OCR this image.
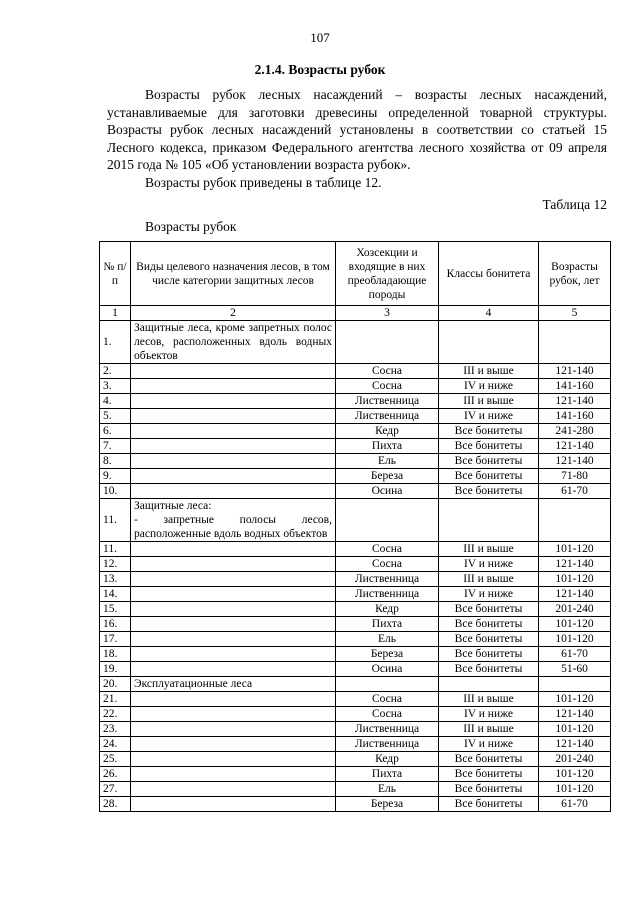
107
2.1.4. Возрасты рубок
Возрасты рубок лесных насаждений – возрасты лесных насаждений, устанавливаемые для заготовки древесины определенной товарной структуры. Возрасты рубок лесных насаждений установлены в соответствии со статьей 15 Лесного кодекса, приказом Федерального агентства лесного хозяйства от 09 апреля 2015 года № 105 «Об установлении возраста рубок».
Возрасты рубок приведены в таблице 12.
Таблица 12
Возрасты рубок
№ п/п	Виды целевого назначения лесов, в том числе категории защитных лесов	Хозсекции и входящие в них преобладающие породы	Классы бонитета	Возрасты рубок, лет
1	2	3	4	5
1.	Защитные леса, кроме запретных полос лесов, расположенных вдоль водных объектов			
2.		Сосна	III и выше	121-140
3.		Сосна	IV и ниже	141-160
4.		Лиственница	III и выше	121-140
5.		Лиственница	IV и ниже	141-160
6.		Кедр	Все бонитеты	241-280
7.		Пихта	Все бонитеты	121-140
8.		Ель	Все бонитеты	121-140
9.		Береза	Все бонитеты	71-80
10.		Осина	Все бонитеты	61-70
11.	Защитные леса:
- запретные полосы лесов, расположенные вдоль водных объектов			
11.		Сосна	III и выше	101-120
12.		Сосна	IV и ниже	121-140
13.		Лиственница	III и выше	101-120
14.		Лиственница	IV и ниже	121-140
15.		Кедр	Все бонитеты	201-240
16.		Пихта	Все бонитеты	101-120
17.		Ель	Все бонитеты	101-120
18.		Береза	Все бонитеты	61-70
19.		Осина	Все бонитеты	51-60
20.	Эксплуатационные леса			
21.		Сосна	III и выше	101-120
22.		Сосна	IV и ниже	121-140
23.		Лиственница	III и выше	101-120
24.		Лиственница	IV и ниже	121-140
25.		Кедр	Все бонитеты	201-240
26.		Пихта	Все бонитеты	101-120
27.		Ель	Все бонитеты	101-120
28.		Береза	Все бонитеты	61-70
